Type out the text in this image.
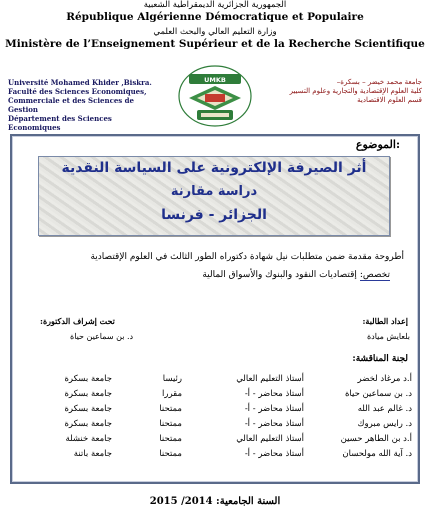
الجمهورية الجزائرية الديمقراطية الشعبية
République Algérienne Démocratique et Populaire
وزارة التعليم العالي والبحث العلمي
Ministère de l’Enseignement Supérieur et de la Recherche Scientifique
Université Mohamed Khider ,Biskra.
Faculté des Sciences Economiques,
Commerciale et des Sciences de Gestion
Département des Sciences Economiques
UMKB	جامعة محمد خيضر – بسكرة–
كلية العلوم الإقتصادية والتجارية وعلوم التسيير
قسم العلوم الاقتصادية
الموضوع:
أثر الصيرفة الإلكترونية على السياسة النقدية
دراسة مقارنة
الجزائر - فرنسا
أطروحة مقدمة ضمن متطلبات نيل شهادة دكتوراه الطور الثالث في العلوم الإقتصادية
تخصص: إقتصاديات النقود والبنوك والأسواق المالية
إعداد الطالبة:
تحت إشراف الدكتورة:
بلعايش ميادة
د. بن سماعين حياة
لجنة المناقشة:
أ.د مرغاد لخضر
أستاذ التعليم العالي
رئيسا
جامعة بسكرة
د. بن سماعين حياة
أستاذ محاضر - أ-
مقررا
جامعة بسكرة
د. غالم عبد الله
أستاذ محاضر - أ-
ممتحنا
جامعة بسكرة
د. رايس مبروك
أستاذ محاضر - أ-
ممتحنا
جامعة بسكرة
أ.د بن الطاهر حسين
أستاذ التعليم العالي
ممتحنا
جامعة خنشلة
د. آية الله مولحسان
أستاذ محاضر - أ-
ممتحنا
جامعة باتنة
السنة الجامعية: 2014/ 2015
